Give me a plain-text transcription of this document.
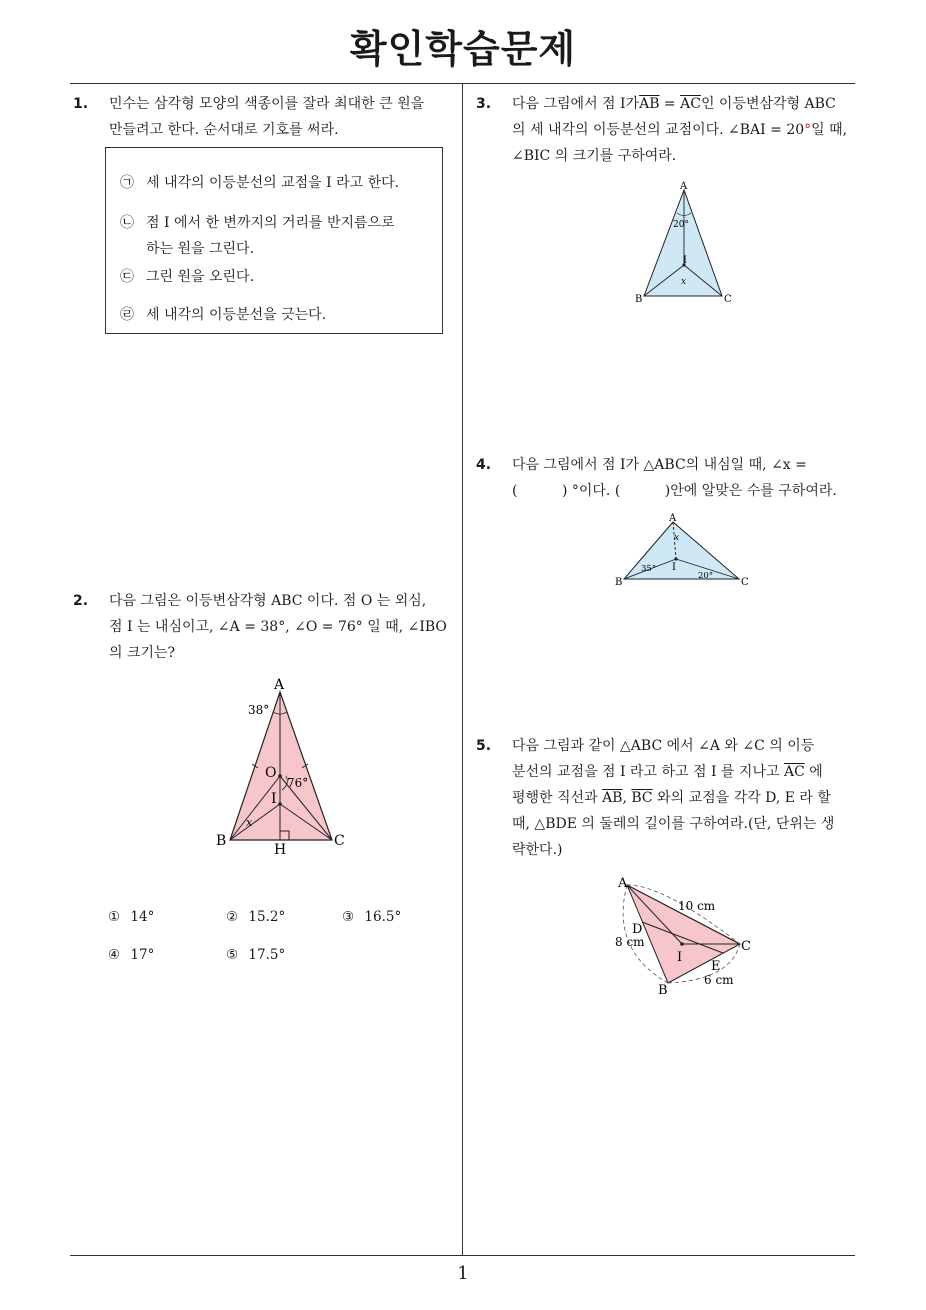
확인학습문제
1
1. 민수는 삼각형 모양의 색종이를 잘라 최대한 큰 원을
만들려고 한다. 순서대로 기호를 써라.
㉠ 세 내각의 이등분선의 교점을 I 라고 한다.
㉡ 점 I 에서 한 변까지의 거리를 반지름으로
하는 원을 그린다.
㉢ 그린 원을 오린다.
㉣ 세 내각의 이등분선을 긋는다.
2. 다음 그림은 이등변삼각형 ABC 이다. 점 O 는 외심,
점 I 는 내심이고, ∠A = 38°, ∠O = 76° 일 때, ∠IBO
의 크기는?
A
B	C
O
I
H
38°
76°
x
① 14°	② 15.2°	③ 16.5°
④ 17°	⑤ 17.5°
3. 다음 그림에서 점 I가$\overline{AB} = \overline{AC}$인 이등변삼각형 ABC
의 세 내각의 이등분선의 교점이다. ∠BAI = 20°일 때,
∠BIC 의 크기를 구하여라.
A
B	C
I
20°
x
4. 다음 그림에서 점 I가 △ABC의 내심일 때, ∠x =
(          ) °이다. (          )안에 알맞은 수를 구하여라.
A
B	C
I
x
35°
20°
5. 다음 그림과 같이 △ABC 에서 ∠A 와 ∠C 의 이등
분선의 교점을 점 I 라고 하고 점 I 를 지나고 $\overline{AC}$ 에
평행한 직선과 $\overline{AB}$, $\overline{BC}$ 와의 교점을 각각 D, E 라 할
때, △BDE 의 둘레의 길이를 구하여라.(단, 단위는 생
략한다.)
A
B
C
D
E
I
10 cm
8 cm
6 cm
